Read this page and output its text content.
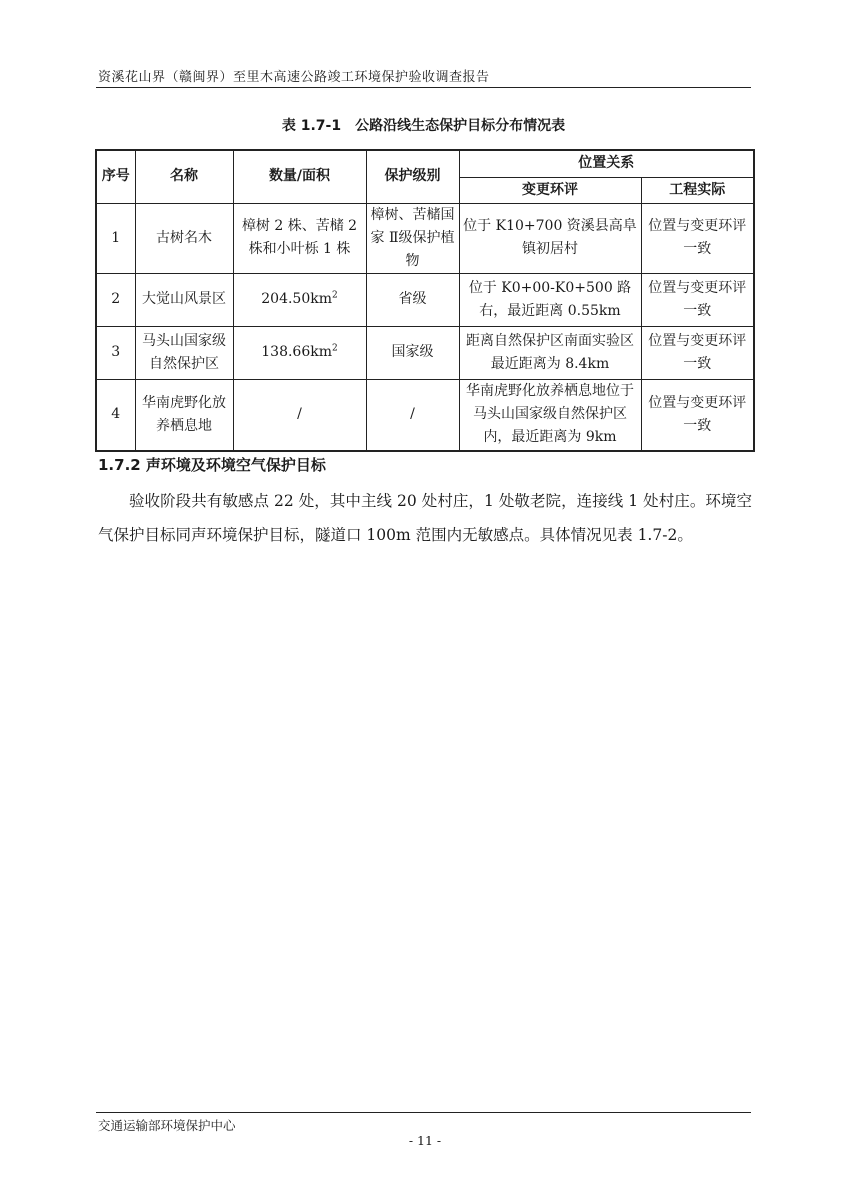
资溪花山界（赣闽界）至里木高速公路竣工环境保护验收调查报告
表 1.7-1　公路沿线生态保护目标分布情况表
序号	名称	数量/面积	保护级别	位置关系	
				变更环评	工程实际
1	古树名木	樟树 2 株、苦槠 2 株和小叶栎 1 株	樟树、苦槠国家 Ⅱ级保护植物	位于 K10+700 资溪县高阜镇初居村	位置与变更环评一致
2	大觉山风景区	$204.50km^2$	省级	位于 K0+00-K0+500 路右，最近距离 0.55km	位置与变更环评一致
3	马头山国家级自然保护区	$138.66km^2$	国家级	距离自然保护区南面实验区最近距离为 8.4km	位置与变更环评一致
4	华南虎野化放养栖息地	/	/	华南虎野化放养栖息地位于马头山国家级自然保护区内，最近距离为 9km	位置与变更环评一致
1.7.2 声环境及环境空气保护目标
验收阶段共有敏感点 22 处，其中主线 20 处村庄，1 处敬老院，连接线 1 处村庄。环境空气保护目标同声环境保护目标，隧道口 100m 范围内无敏感点。具体情况见表 1.7-2。
交通运输部环境保护中心
- 11 -
